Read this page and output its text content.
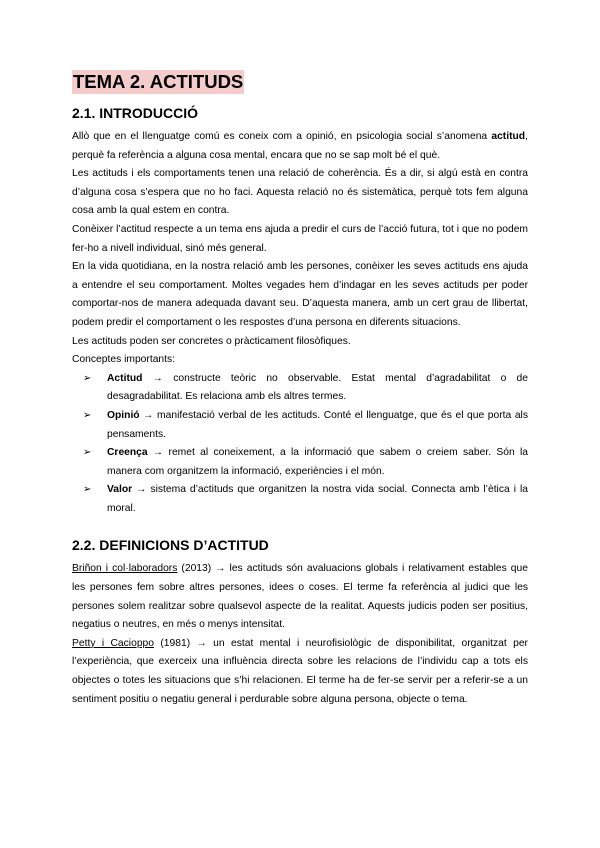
TEMA 2. ACTITUDS
2.1. INTRODUCCIÓ

Allò que en el llenguatge comú es coneix com a opinió, en psicologia social s’anomena actitud, perquè fa referència a alguna cosa mental, encara que no se sap molt bé el què.

Les actituds i els comportaments tenen una relació de coherència. És a dir, si algú està en contra d’alguna cosa s’espera que no ho faci. Aquesta relació no és sistemàtica, perquè tots fem alguna cosa amb la qual estem en contra.

Conèixer l’actitud respecte a un tema ens ajuda a predir el curs de l’acció futura, tot i que no podem fer-ho a nivell individual, sinó més general.

En la vida quotidiana, en la nostra relació amb les persones, conèixer les seves actituds ens ajuda a entendre el seu comportament. Moltes vegades hem d’indagar en les seves actituds per poder comportar-nos de manera adequada davant seu. D’aquesta manera, amb un cert grau de llibertat, podem predir el comportament o les respostes d’una persona en diferents situacions.

Les actituds poden ser concretes o pràcticament filosòfiques.

Conceptes importants:

➢ Actitud → constructe teòric no observable. Estat mental d’agradabilitat o de desagradabilitat. Es relaciona amb els altres termes.
➢ Opinió → manifestació verbal de les actituds. Conté el llenguatge, que és el que porta als pensaments.
➢ Creença → remet al coneixement, a la informació que sabem o creiem saber. Són la manera com organitzem la informació, experiències i el món.
➢ Valor → sistema d’actituds que organitzen la nostra vida social. Connecta amb l’ètica i la moral.
2.2. DEFINICIONS D’ACTITUD

Briñon i col·laboradors (2013) → les actituds són avaluacions globals i relativament estables que les persones fem sobre altres persones, idees o coses. El terme fa referència al judici que les persones solem realitzar sobre qualsevol aspecte de la realitat. Aquests judicis poden ser positius, negatius o neutres, en més o menys intensitat.

Petty i Cacioppo (1981) → un estat mental i neurofisiològic de disponibilitat, organitzat per l’experiència, que exerceix una influència directa sobre les relacions de l’individu cap a tots els objectes o totes les situacions que s’hi relacionen. El terme ha de fer-se servir per a referir-se a un sentiment positiu o negatiu general i perdurable sobre alguna persona, objecte o tema.
